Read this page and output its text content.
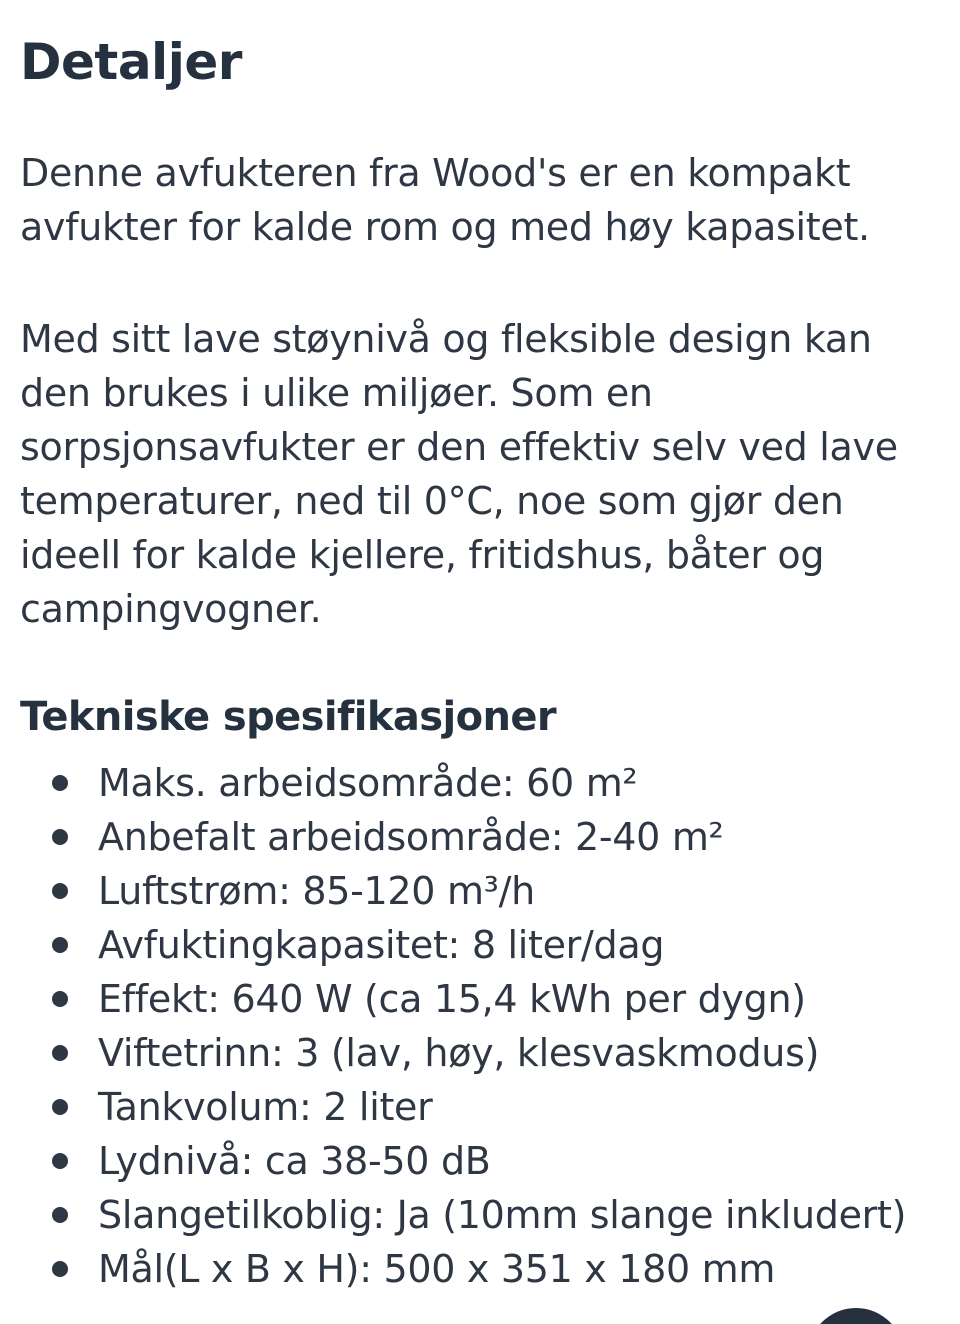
Detaljer

Denne avfukteren fra Wood's er en kompakt
avfukter for kalde rom og med høy kapasitet.

Med sitt lave støynivå og fleksible design kan
den brukes i ulike miljøer. Som en
sorpsjonsavfukter er den effektiv selv ved lave
temperaturer, ned til 0°C, noe som gjør den
ideell for kalde kjellere, fritidshus, båter og
campingvogner.

Tekniske spesifikasjoner
Maks. arbeidsområde: 60 m²
Anbefalt arbeidsområde: 2-40 m²
Luftstrøm: 85-120 m³/h
Avfuktingkapasitet: 8 liter/dag
Effekt: 640 W (ca 15,4 kWh per dygn)
Viftetrinn: 3 (lav, høy, klesvaskmodus)
Tankvolum: 2 liter
Lydnivå: ca 38-50 dB
Slangetilkoblig: Ja (10mm slange inkludert)
Mål(L x B x H): 500 x 351 x 180 mm
